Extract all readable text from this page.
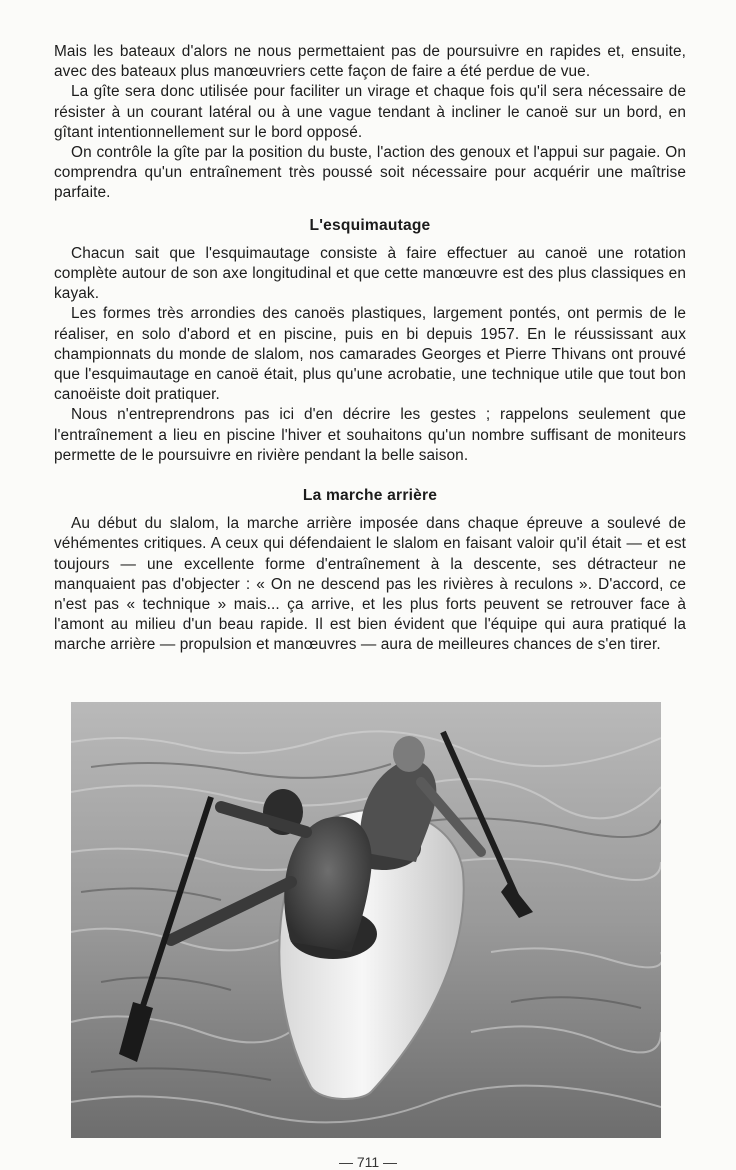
Mais les bateaux d'alors ne nous permettaient pas de poursuivre en rapides et, ensuite, avec des bateaux plus manœuvriers cette façon de faire a été perdue de vue.

La gîte sera donc utilisée pour faciliter un virage et chaque fois qu'il sera nécessaire de résister à un courant latéral ou à une vague tendant à incliner le canoë sur un bord, en gîtant intentionnellement sur le bord opposé.

On contrôle la gîte par la position du buste, l'action des genoux et l'appui sur pagaie. On comprendra qu'un entraînement très poussé soit nécessaire pour acquérir une maîtrise parfaite.

L'esquimautage

Chacun sait que l'esquimautage consiste à faire effectuer au canoë une rotation complète autour de son axe longitudinal et que cette manœuvre est des plus classiques en kayak.

Les formes très arrondies des canoës plastiques, largement pontés, ont permis de le réaliser, en solo d'abord et en piscine, puis en bi depuis 1957. En le réussissant aux championnats du monde de slalom, nos camarades Georges et Pierre Thivans ont prouvé que l'esquimautage en canoë était, plus qu'une acrobatie, une technique utile que tout bon canoëiste doit pratiquer.

Nous n'entreprendrons pas ici d'en décrire les gestes ; rappelons seulement que l'entraînement a lieu en piscine l'hiver et souhaitons qu'un nombre suffisant de moniteurs permette de le poursuivre en rivière pendant la belle saison.

La marche arrière

Au début du slalom, la marche arrière imposée dans chaque épreuve a soulevé de véhémentes critiques. A ceux qui défendaient le slalom en faisant valoir qu'il était — et est toujours — une excellente forme d'entraînement à la descente, ses détracteur ne manquaient pas d'objecter : « On ne descend pas les rivières à reculons ». D'accord, ce n'est pas « technique » mais... ça arrive, et les plus forts peuvent se retrouver face à l'amont au milieu d'un beau rapide. Il est bien évident que l'équipe qui aura pratiqué la marche arrière — propulsion et manœuvres — aura de meilleures chances de s'en tirer.

— 711 —
